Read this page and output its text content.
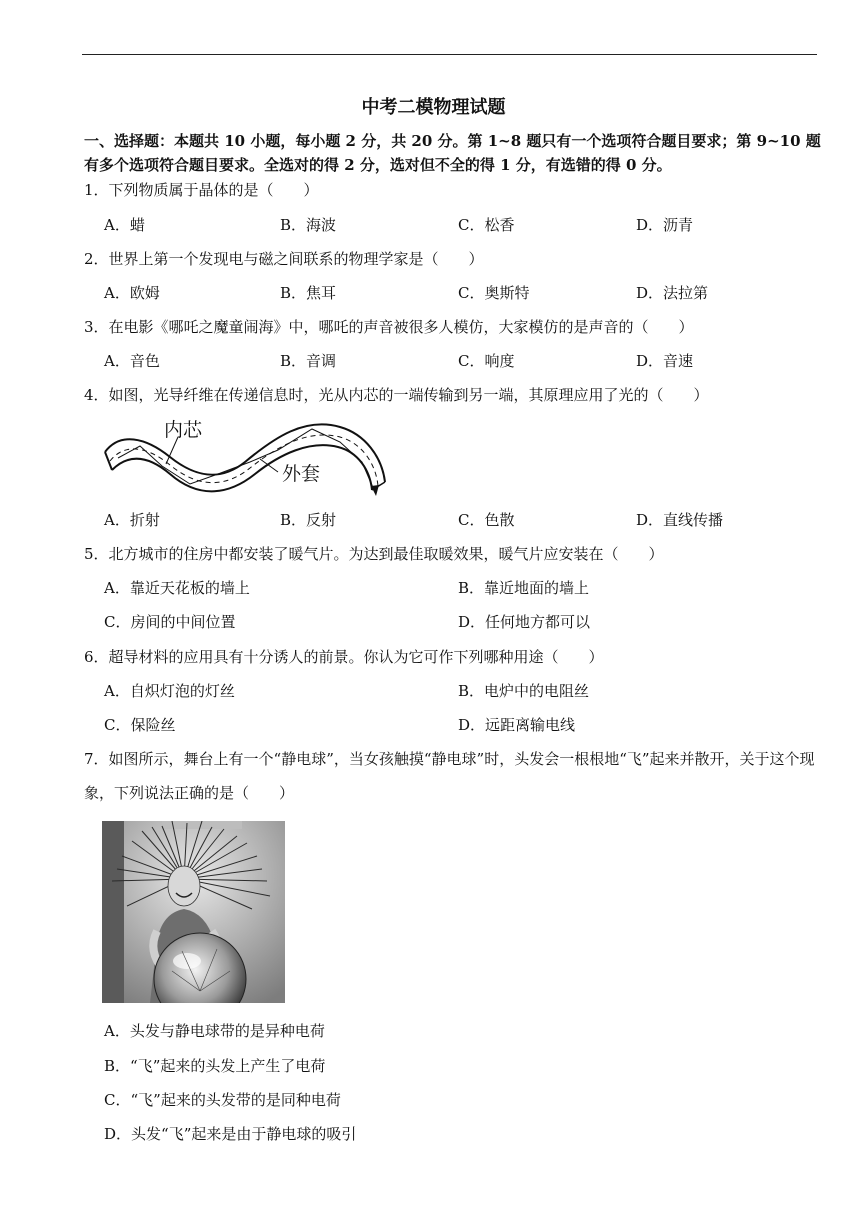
中考二模物理试题
一、选择题：本题共 10 小题，每小题 2 分，共 20 分。第 1~8 题只有一个选项符合题目要求；第 9~10 题有多个选项符合题目要求。全选对的得 2 分，选对但不全的得 1 分，有选错的得 0 分。
1．下列物质属于晶体的是（　　）
A．蜡	B．海波	C．松香	D．沥青
2．世界上第一个发现电与磁之间联系的物理学家是（　　）
A．欧姆	B．焦耳	C．奥斯特	D．法拉第
3．在电影《哪吒之魔童闹海》中，哪吒的声音被很多人模仿，大家模仿的是声音的（　　）
A．音色	B．音调	C．响度	D．音速
4．如图，光导纤维在传递信息时，光从内芯的一端传输到另一端，其原理应用了光的（　　）
内芯
外套
A．折射	B．反射	C．色散	D．直线传播
5．北方城市的住房中都安装了暖气片。为达到最佳取暖效果，暖气片应安装在（　　）
A．靠近天花板的墙上	B．靠近地面的墙上
C．房间的中间位置	D．任何地方都可以
6．超导材料的应用具有十分诱人的前景。你认为它可作下列哪种用途（　　）
A．自炽灯泡的灯丝	B．电炉中的电阻丝
C．保险丝	D．远距离输电线
7．如图所示，舞台上有一个“静电球”，当女孩触摸“静电球”时，头发会一根根地“飞”起来并散开，关于这个现象，下列说法正确的是（　　）
A．头发与静电球带的是异种电荷
B．“飞”起来的头发上产生了电荷
C．“飞”起来的头发带的是同种电荷
D．头发“飞”起来是由于静电球的吸引
